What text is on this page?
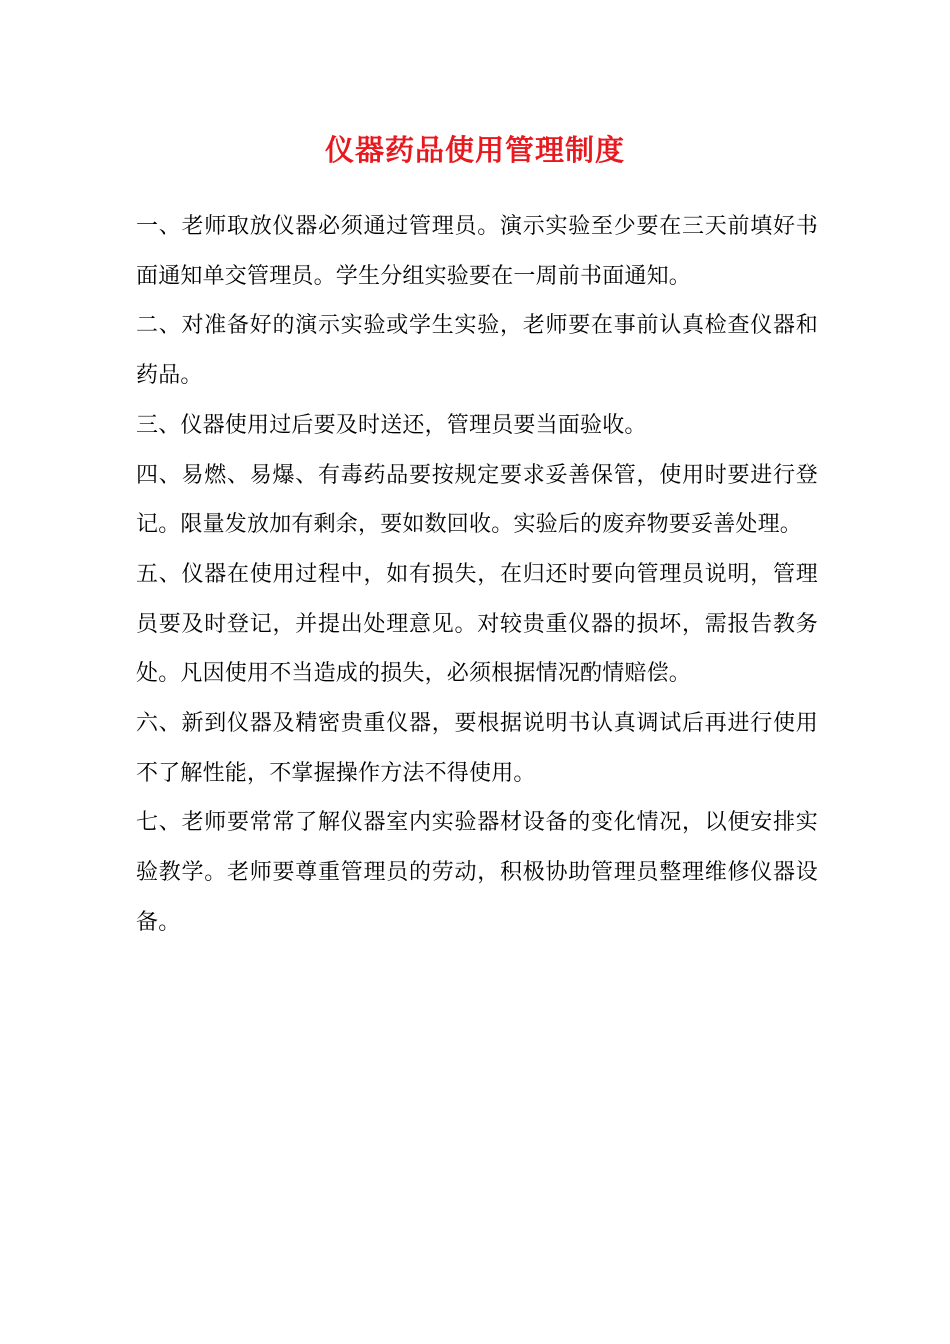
仪器药品使用管理制度

一、老师取放仪器必须通过管理员。演示实验至少要在三天前填好书面通知单交管理员。学生分组实验要在一周前书面通知。

二、对准备好的演示实验或学生实验，老师要在事前认真检查仪器和药品。

三、仪器使用过后要及时送还，管理员要当面验收。

四、易燃、易爆、有毒药品要按规定要求妥善保管，使用时要进行登记。限量发放加有剩余，要如数回收。实验后的废弃物要妥善处理。

五、仪器在使用过程中，如有损失，在归还时要向管理员说明，管理员要及时登记，并提出处理意见。对较贵重仪器的损坏，需报告教务处。凡因使用不当造成的损失，必须根据情况酌情赔偿。

六、新到仪器及精密贵重仪器，要根据说明书认真调试后再进行使用不了解性能，不掌握操作方法不得使用。

七、老师要常常了解仪器室内实验器材设备的变化情况，以便安排实验教学。老师要尊重管理员的劳动，积极协助管理员整理维修仪器设备。
